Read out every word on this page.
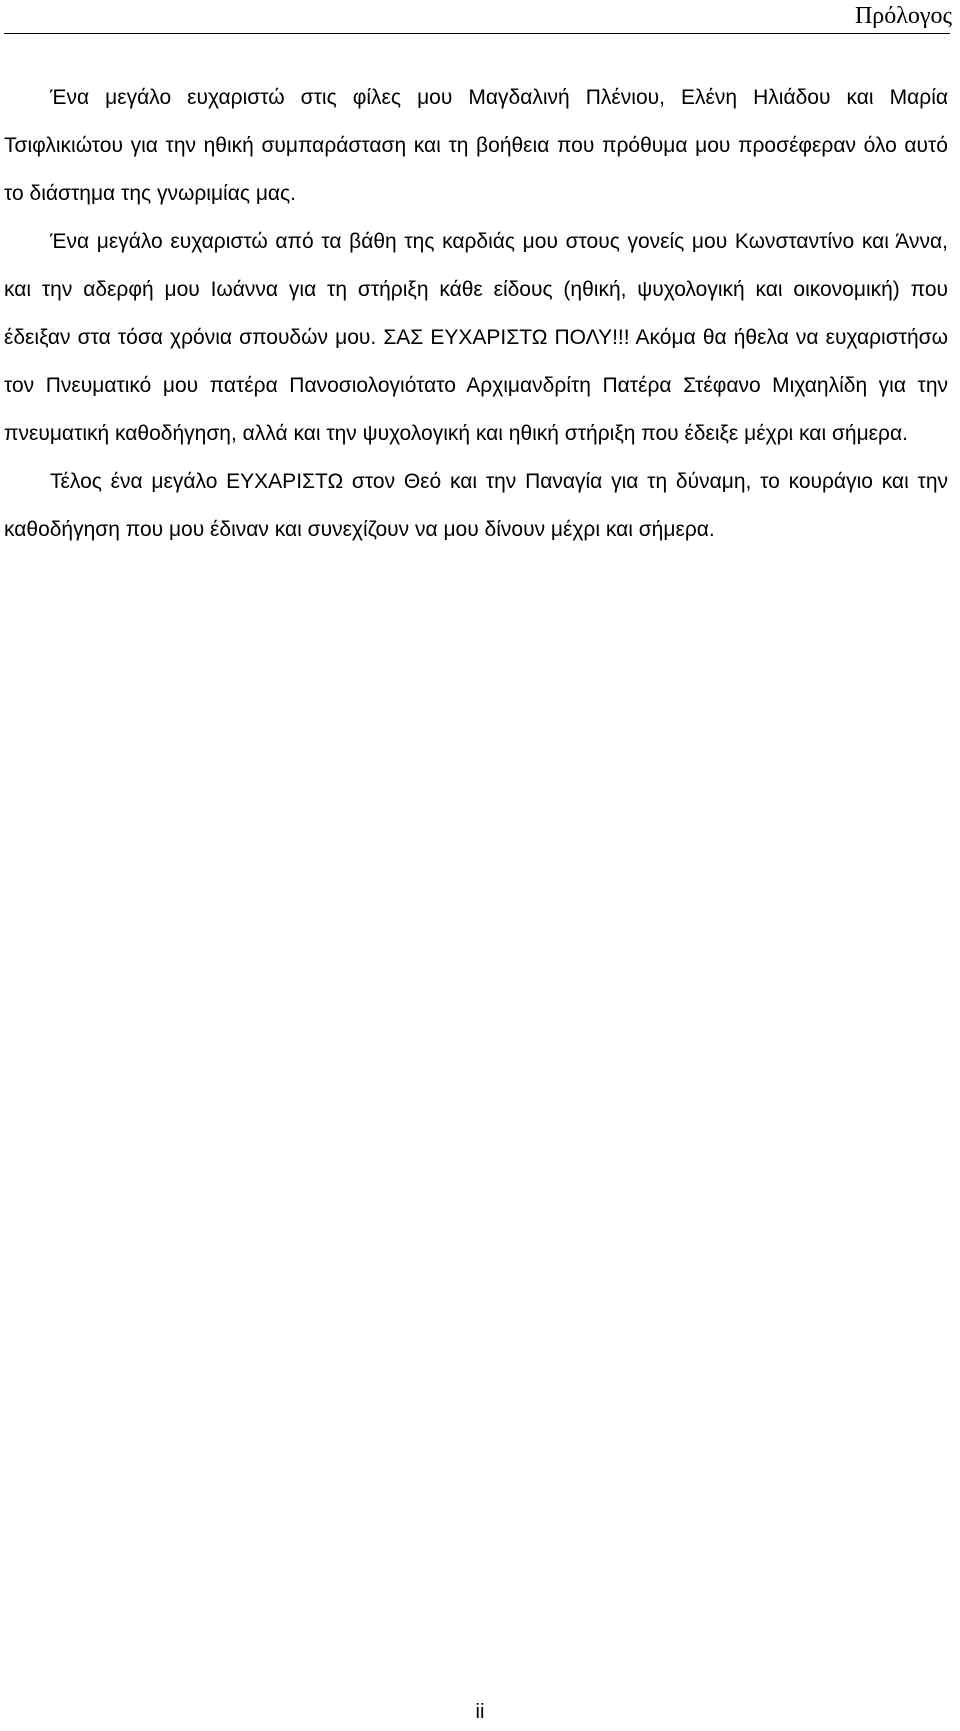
Πρόλογος

Ένα μεγάλο ευχαριστώ στις φίλες μου Μαγδαλινή Πλένιου, Ελένη Ηλιάδου και Μαρία Τσιφλικιώτου για την ηθική συμπαράσταση και τη βοήθεια που πρόθυμα μου προσέφεραν όλο αυτό το διάστημα της γνωριμίας μας.

Ένα μεγάλο ευχαριστώ από τα βάθη της καρδιάς μου στους γονείς μου Κωνσταντίνο και Άννα, και την αδερφή μου Ιωάννα για τη στήριξη κάθε είδους (ηθική, ψυχολογική και οικονομική) που έδειξαν στα τόσα χρόνια σπουδών μου. ΣΑΣ ΕΥΧΑΡΙΣΤΩ ΠΟΛΥ!!! Ακόμα θα ήθελα να ευχαριστήσω τον Πνευματικό μου πατέρα Πανοσιολογιότατο Αρχιμανδρίτη Πατέρα Στέφανο Μιχαηλίδη για την πνευματική καθοδήγηση, αλλά και την ψυχολογική και ηθική στήριξη που έδειξε μέχρι και σήμερα.

Τέλος ένα μεγάλο ΕΥΧΑΡΙΣΤΩ στον Θεό και την Παναγία για τη δύναμη, το κουράγιο και την καθοδήγηση που μου έδιναν και συνεχίζουν να μου δίνουν μέχρι και σήμερα.

ii
